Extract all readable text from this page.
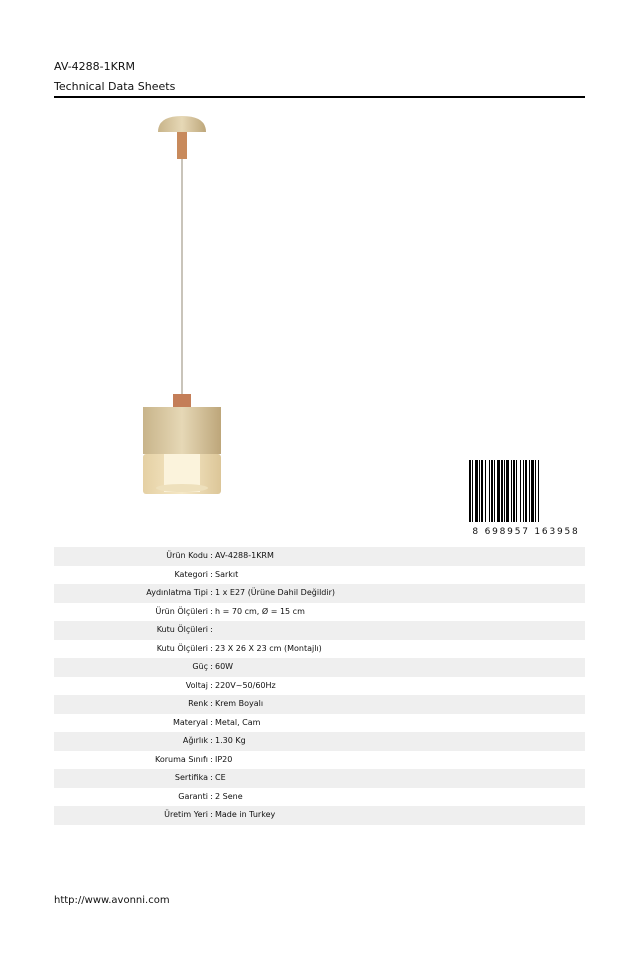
AV-4288-1KRM
Technical Data Sheets
8 698957 163958
Ürün Kodu : AV-4288-1KRM
Kategori : Sarkıt
Aydınlatma Tipi : 1 x E27 (Ürüne Dahil Değildir)
Ürün Ölçüleri : h = 70 cm, Ø = 15 cm
Kutu Ölçüleri :
Kutu Ölçüleri : 23 X 26 X 23 cm (Montajlı)
Güç : 60W
Voltaj : 220V~50/60Hz
Renk : Krem Boyalı
Materyal : Metal, Cam
Ağırlık : 1.30 Kg
Koruma Sınıfı : IP20
Sertifika : CE
Garanti : 2 Sene
Üretim Yeri : Made in Turkey
http://www.avonni.com
